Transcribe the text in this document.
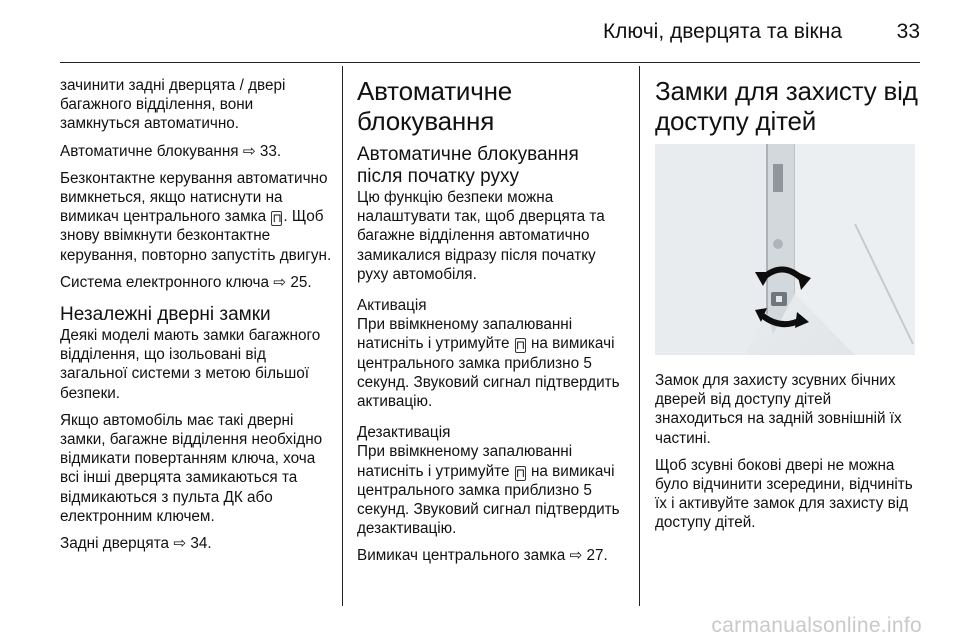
Ключі, дверцята та вікна	33

зачинити задні дверцята / двері багажного відділення, вони замкнуться автоматично.

Автоматичне блокування ⇨ 33.

Безконтактне керування автоматично вимкнеться, якщо натиснути на вимикач центрального замка ⊓ . Щоб знову ввімкнути безконтактне керування, повторно запустіть двигун.

Система електронного ключа ⇨ 25.

Незалежні дверні замки

Деякі моделі мають замки багажного відділення, що ізольовані від загальної системи з метою більшої безпеки.

Якщо автомобіль має такі дверні замки, багажне відділення необхідно відмикати повертанням ключа, хоча всі інші дверцята замикаються та відмикаються з пульта ДК або електронним ключем.

Задні дверцята ⇨ 34.

Автоматичне блокування
Автоматичне блокування після початку руху

Цю функцію безпеки можна налаштувати так, щоб дверцята та багажне відділення автоматично замикалися відразу після початку руху автомобіля.

Активація

При ввімкненому запалюванні натисніть і утримуйте ⊓ на вимикачі центрального замка приблизно 5 секунд. Звуковий сигнал підтвердить активацію.

Дезактивація

При ввімкненому запалюванні натисніть і утримуйте ⊓ на вимикачі центрального замка приблизно 5 секунд. Звуковий сигнал підтвердить дезактивацію.

Вимикач центрального замка ⇨ 27.

Замки для захисту від доступу дітей

Замок для захисту зсувних бічних дверей від доступу дітей знаходиться на задній зовнішній їх частині.

Щоб зсувні бокові двері не можна було відчинити зсередини, відчиніть їх і активуйте замок для захисту від доступу дітей.

carmanualsonline.info
